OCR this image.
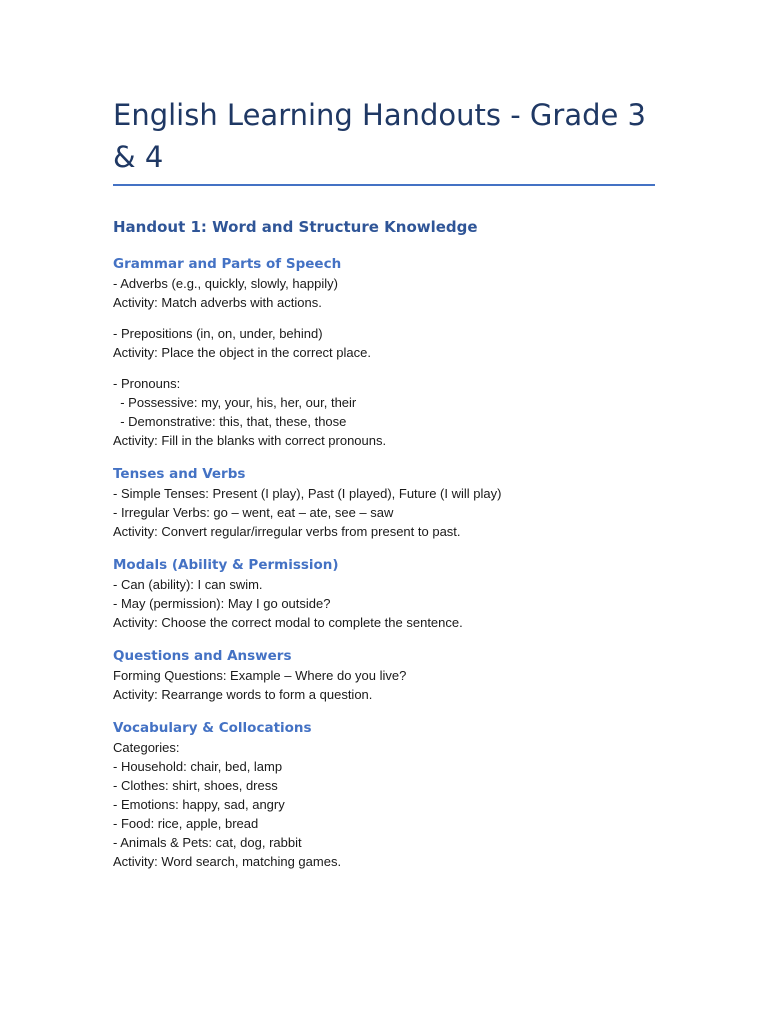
English Learning Handouts - Grade 3 & 4
Handout 1: Word and Structure Knowledge
Grammar and Parts of Speech

- Adverbs (e.g., quickly, slowly, happily)

Activity: Match adverbs with actions.

- Prepositions (in, on, under, behind)

Activity: Place the object in the correct place.

- Pronouns:

- Possessive: my, your, his, her, our, their

- Demonstrative: this, that, these, those

Activity: Fill in the blanks with correct pronouns.

Tenses and Verbs

- Simple Tenses: Present (I play), Past (I played), Future (I will play)

- Irregular Verbs: go – went, eat – ate, see – saw

Activity: Convert regular/irregular verbs from present to past.

Modals (Ability & Permission)

- Can (ability): I can swim.

- May (permission): May I go outside?

Activity: Choose the correct modal to complete the sentence.

Questions and Answers

Forming Questions: Example – Where do you live?

Activity: Rearrange words to form a question.

Vocabulary & Collocations

Categories:

- Household: chair, bed, lamp

- Clothes: shirt, shoes, dress

- Emotions: happy, sad, angry

- Food: rice, apple, bread

- Animals & Pets: cat, dog, rabbit

Activity: Word search, matching games.
